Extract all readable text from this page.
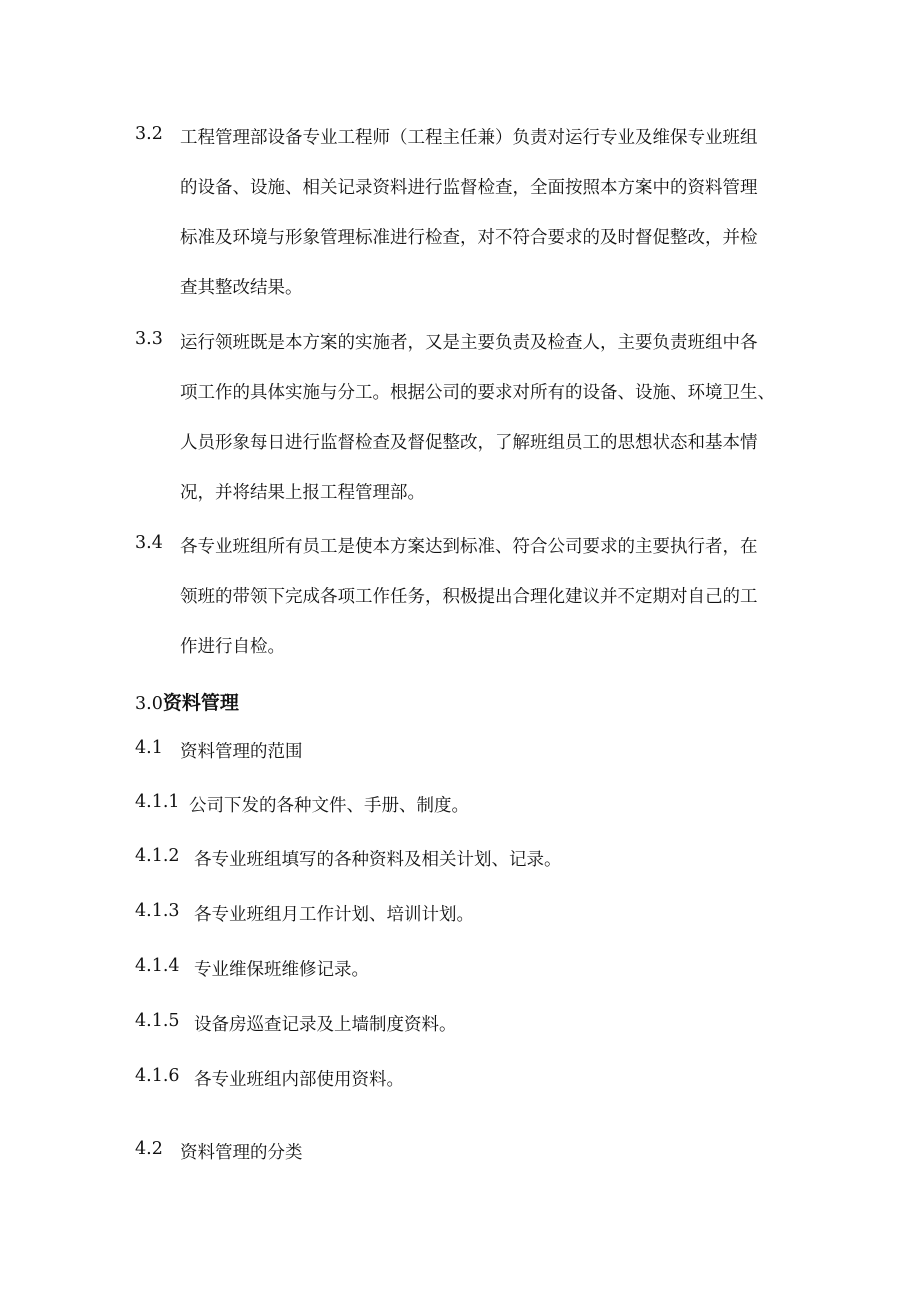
3.2 工程管理部设备专业工程师（工程主任兼）负责对运行专业及维保专业班组
的设备、设施、相关记录资料进行监督检查，全面按照本方案中的资料管理
标准及环境与形象管理标准进行检查，对不符合要求的及时督促整改，并检
查其整改结果。
3.3 运行领班既是本方案的实施者，又是主要负责及检查人，主要负责班组中各
项工作的具体实施与分工。根据公司的要求对所有的设备、设施、环境卫生、
人员形象每日进行监督检查及督促整改，了解班组员工的思想状态和基本情
况，并将结果上报工程管理部。
3.4 各专业班组所有员工是使本方案达到标准、符合公司要求的主要执行者，在
领班的带领下完成各项工作任务，积极提出合理化建议并不定期对自己的工
作进行自检。
3.0资料管理
4.1 资料管理的范围
4.1.1 公司下发的各种文件、手册、制度。
4.1.2 各专业班组填写的各种资料及相关计划、记录。
4.1.3 各专业班组月工作计划、培训计划。
4.1.4 专业维保班维修记录。
4.1.5 设备房巡查记录及上墙制度资料。
4.1.6 各专业班组内部使用资料。
4.2 资料管理的分类
